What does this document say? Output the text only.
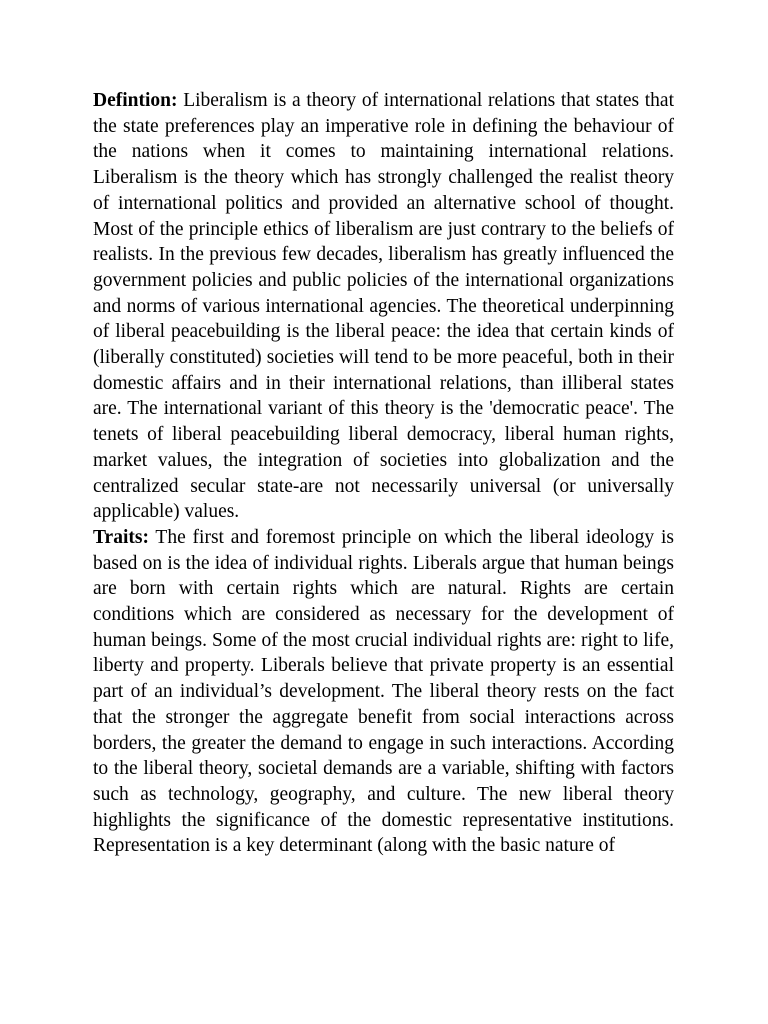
Defintion: Liberalism is a theory of international relations that states that the state preferences play an imperative role in defining the behaviour of the nations when it comes to maintaining international relations. Liberalism is the theory which has strongly challenged the realist theory of international politics and provided an alternative school of thought. Most of the principle ethics of liberalism are just contrary to the beliefs of realists. In the previous few decades, liberalism has greatly influenced the government policies and public policies of the international organizations and norms of various international agencies. The theoretical underpinning of liberal peacebuilding is the liberal peace: the idea that certain kinds of (liberally constituted) societies will tend to be more peaceful, both in their domestic affairs and in their international relations, than illiberal states are. The international variant of this theory is the 'democratic peace'. The tenets of liberal peacebuilding liberal democracy, liberal human rights, market values, the integration of societies into globalization and the centralized secular state-are not necessarily universal (or universally applicable) values.

Traits: The first and foremost principle on which the liberal ideology is based on is the idea of individual rights. Liberals argue that human beings are born with certain rights which are natural. Rights are certain conditions which are considered as necessary for the development of human beings. Some of the most crucial individual rights are: right to life, liberty and property. Liberals believe that private property is an essential part of an individual’s development. The liberal theory rests on the fact that the stronger the aggregate benefit from social interactions across borders, the greater the demand to engage in such interactions. According to the liberal theory, societal demands are a variable, shifting with factors such as technology, geography, and culture. The new liberal theory highlights the significance of the domestic representative institutions. Representation is a key determinant (along with the basic nature of
